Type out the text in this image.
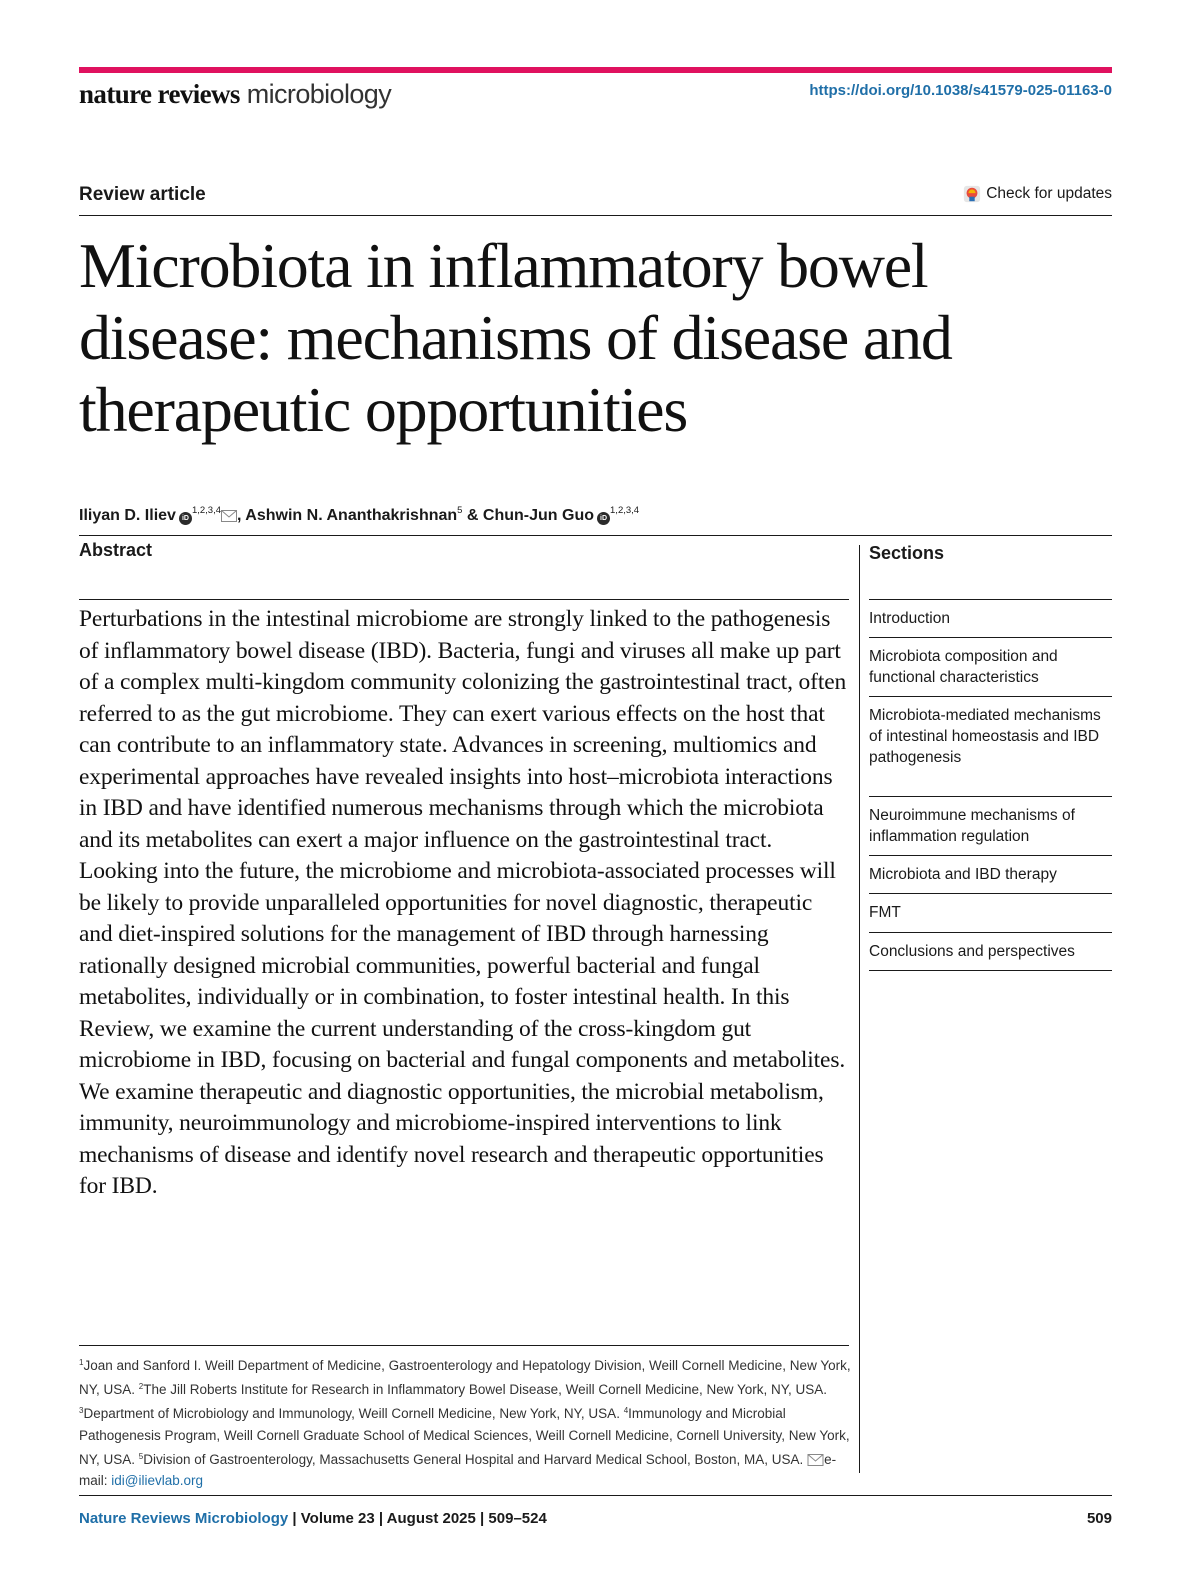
nature reviews microbiology	https://doi.org/10.1038/s41579-025-01163-0
Review article	Check for updates
Microbiota in inflammatory bowel disease: mechanisms of disease and therapeutic opportunities
Iliyan D. Iliev iD$^{1,2,3,4}$ , Ashwin N. Ananthakrishnan$^5$ & Chun-Jun Guo iD$^{1,2,3,4}$
Abstract

Perturbations in the intestinal microbiome are strongly linked to the pathogenesis of inflammatory bowel disease (IBD). Bacteria, fungi and viruses all make up part of a complex multi-kingdom community colonizing the gastrointestinal tract, often referred to as the gut microbiome. They can exert various effects on the host that can contribute to an inflammatory state. Advances in screening, multiomics and experimental approaches have revealed insights into host–microbiota interactions in IBD and have identified numerous mechanisms through which the microbiota and its metabolites can exert a major influence on the gastrointestinal tract. Looking into the future, the microbiome and microbiota-associated processes will be likely to provide unparalleled opportunities for novel diagnostic, therapeutic and diet-inspired solutions for the management of IBD through harnessing rationally designed microbial communities, powerful bacterial and fungal metabolites, individually or in combination, to foster intestinal health. In this Review, we examine the current understanding of the cross-kingdom gut microbiome in IBD, focusing on bacterial and fungal components and metabolites. We examine therapeutic and diagnostic opportunities, the microbial metabolism, immunity, neuroimmunology and microbiome-inspired interventions to link mechanisms of disease and identify novel research and therapeutic opportunities for IBD.

Sections
Introduction
Microbiota composition and functional characteristics
Microbiota-mediated mechanisms of intestinal homeostasis and IBD pathogenesis
Neuroimmune mechanisms of inflammation regulation
Microbiota and IBD therapy
FMT
Conclusions and perspectives

$^1$Joan and Sanford I. Weill Department of Medicine, Gastroenterology and Hepatology Division, Weill Cornell Medicine, New York, NY, USA. $^2$The Jill Roberts Institute for Research in Inflammatory Bowel Disease, Weill Cornell Medicine, New York, NY, USA. $^3$Department of Microbiology and Immunology, Weill Cornell Medicine, New York, NY, USA. $^4$Immunology and Microbial Pathogenesis Program, Weill Cornell Graduate School of Medical Sciences, Weill Cornell Medicine, Cornell University, New York, NY, USA. $^5$Division of Gastroenterology, Massachusetts General Hospital and Harvard Medical School, Boston, MA, USA. e-mail: idi@ilievlab.org

Nature Reviews Microbiology | Volume 23 | August 2025 | 509–524	509
